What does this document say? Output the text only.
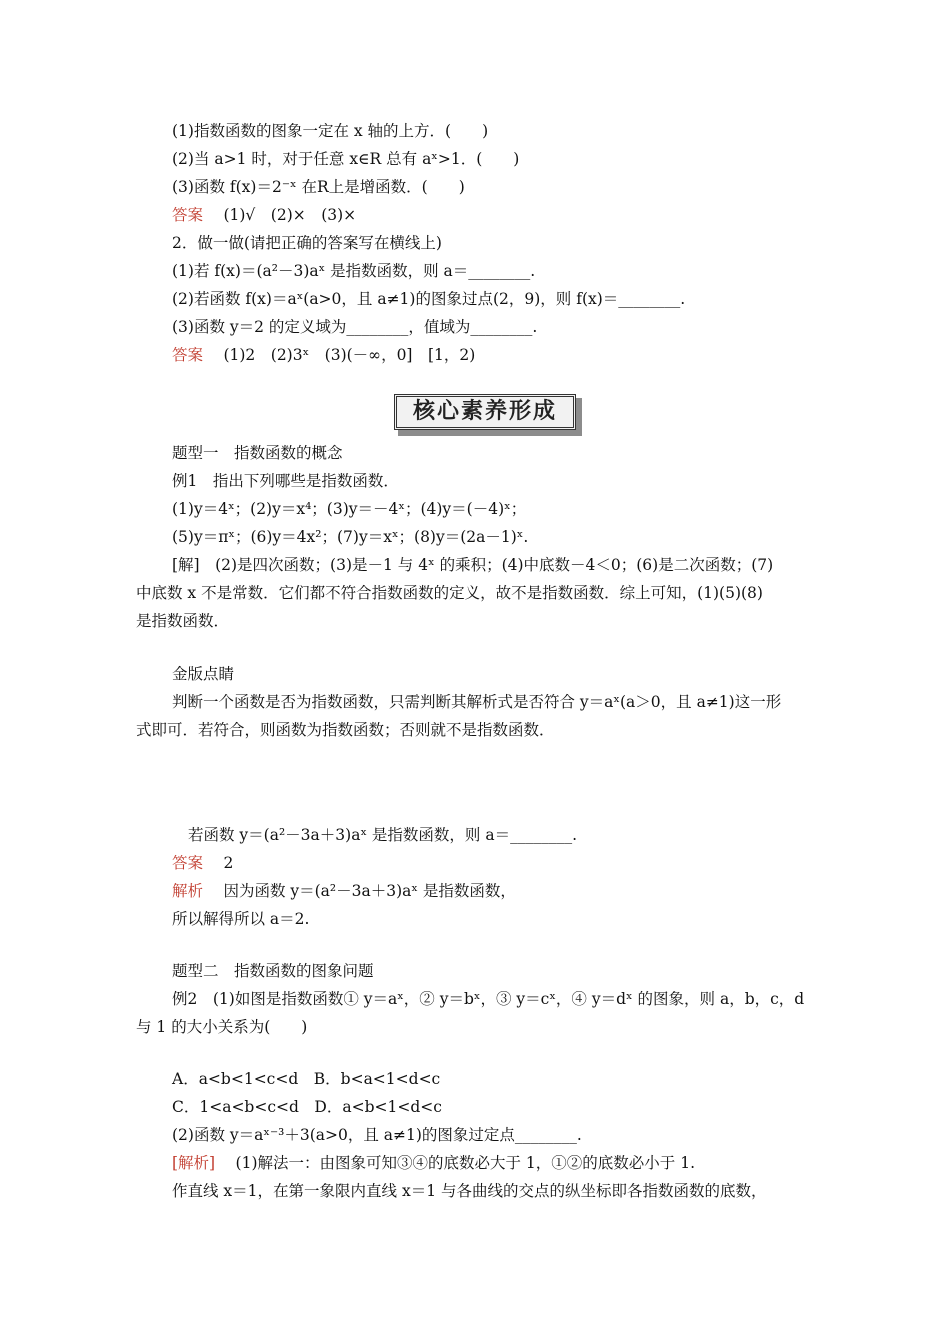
(1)指数函数的图象一定在 x 轴的上方．(　　)
(2)当 a>1 时，对于任意 x∈R 总有 aˣ>1．(　　)
(3)函数 f(x)＝2⁻ˣ 在R上是增函数．(　　)
答案　 (1)√　(2)×　(3)×
2．做一做(请把正确的答案写在横线上)
(1)若 f(x)＝(a²－3)aˣ 是指数函数，则 a＝________.
(2)若函数 f(x)＝aˣ(a>0，且 a≠1)的图象过点(2，9)，则 f(x)＝________.
(3)函数 y＝2 的定义域为________，值域为________.
答案　 (1)2　(2)3ˣ　(3)(－∞，0]　[1，2)
核心素养形成
题型一　指数函数的概念
例1　指出下列哪些是指数函数．
(1)y＝4ˣ；(2)y＝x⁴；(3)y＝－4ˣ；(4)y＝(－4)ˣ；
(5)y＝πˣ；(6)y＝4x²；(7)y＝xˣ；(8)y＝(2a－1)ˣ.
[解]　(2)是四次函数；(3)是－1 与 4ˣ 的乘积；(4)中底数－4＜0；(6)是二次函数；(7)
中底数 x 不是常数．它们都不符合指数函数的定义，故不是指数函数．综上可知，(1)(5)(8)
是指数函数．
金版点睛
判断一个函数是否为指数函数，只需判断其解析式是否符合 y＝aˣ(a＞0，且 a≠1)这一形
式即可．若符合，则函数为指数函数；否则就不是指数函数．
若函数 y＝(a²－3a＋3)aˣ 是指数函数，则 a＝________.
答案　 2
解析　 因为函数 y＝(a²－3a＋3)aˣ 是指数函数，
所以解得所以 a＝2.
题型二　指数函数的图象问题
例2　(1)如图是指数函数① y＝aˣ，② y＝bˣ，③ y＝cˣ，④ y＝dˣ 的图象，则 a，b，c，d
与 1 的大小关系为(　　)
A．a<b<1<c<d　B．b<a<1<d<c
C．1<a<b<c<d　D．a<b<1<d<c
(2)函数 y＝aˣ⁻³＋3(a>0，且 a≠1)的图象过定点________.
[解析]　 (1)解法一：由图象可知③④的底数必大于 1，①②的底数必小于 1.
作直线 x＝1，在第一象限内直线 x＝1 与各曲线的交点的纵坐标即各指数函数的底数，
